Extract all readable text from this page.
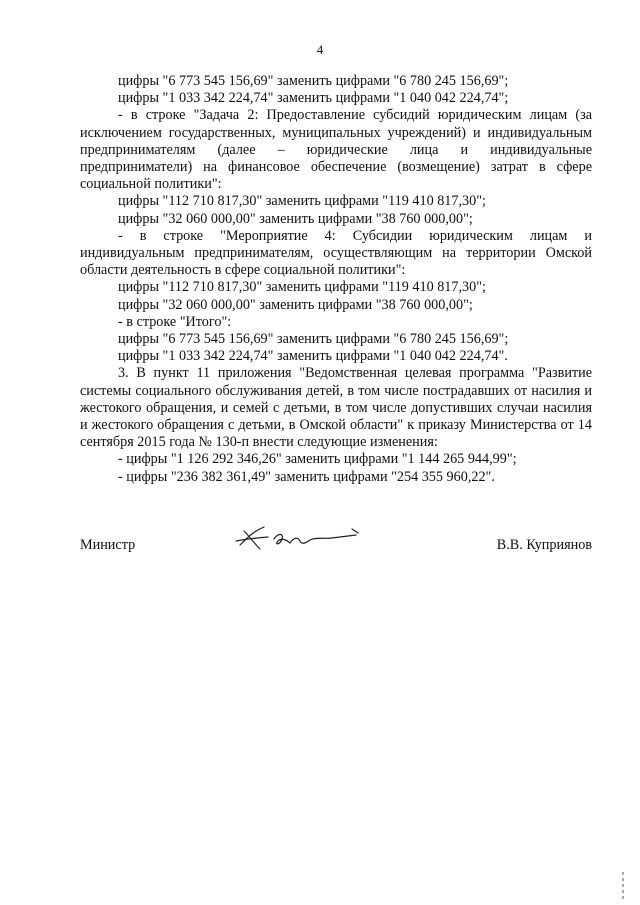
4

цифры "6 773 545 156,69" заменить цифрами "6 780 245 156,69";

цифры "1 033 342 224,74" заменить цифрами "1 040 042 224,74";

- в строке "Задача 2: Предоставление субсидий юридическим лицам (за исключением государственных, муниципальных учреждений) и индивидуальным предпринимателям (далее – юридические лица и индивидуальные предприниматели) на финансовое обеспечение (возмещение) затрат в сфере социальной политики":

цифры "112 710 817,30" заменить цифрами "119 410 817,30";

цифры "32 060 000,00" заменить цифрами "38 760 000,00";

- в строке "Мероприятие 4: Субсидии юридическим лицам и индивидуальным предпринимателям, осуществляющим на территории Омской области деятельность в сфере социальной политики":

цифры "112 710 817,30" заменить цифрами "119 410 817,30";

цифры "32 060 000,00" заменить цифрами "38 760 000,00";

- в строке "Итого":

цифры "6 773 545 156,69" заменить цифрами "6 780 245 156,69";

цифры "1 033 342 224,74" заменить цифрами "1 040 042 224,74".

3. В пункт 11 приложения "Ведомственная целевая программа "Развитие системы социального обслуживания детей, в том числе пострадавших от насилия и жестокого обращения, и семей с детьми, в том числе допустивших случаи насилия и жестокого обращения с детьми, в Омской области" к приказу Министерства от 14 сентября 2015 года № 130-п внести следующие изменения:

- цифры "1 126 292 346,26" заменить цифрами "1 144 265 944,99";

- цифры "236 382 361,49" заменить цифрами "254 355 960,22".

Министр	В.В. Куприянов
